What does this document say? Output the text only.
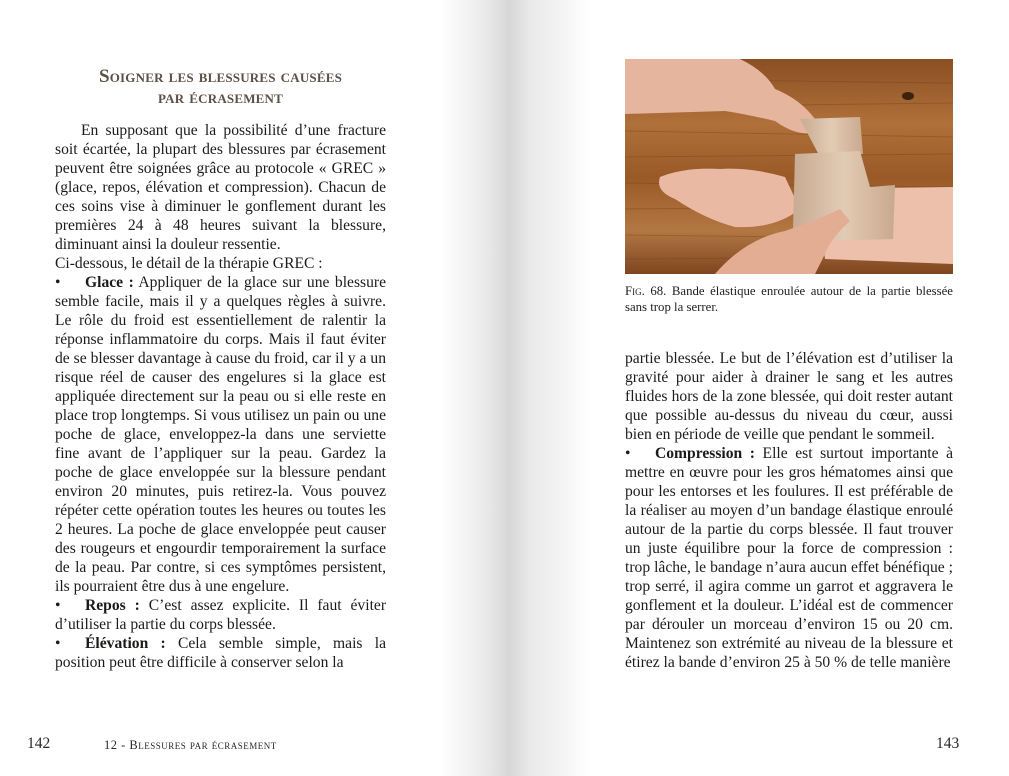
Soigner les blessures causées
par écrasement

En supposant que la possibilité d’une fracture soit écartée, la plupart des blessures par écrasement peuvent être soignées grâce au protocole « GREC » (glace, repos, élévation et compression). Chacun de ces soins vise à diminuer le gonflement durant les premières 24 à 48 heures suivant la blessure, diminuant ainsi la douleur ressentie.

Ci-dessous, le détail de la thérapie GREC :

• Glace : Appliquer de la glace sur une blessure semble facile, mais il y a quelques règles à suivre. Le rôle du froid est essentiellement de ralentir la réponse inflammatoire du corps. Mais il faut éviter de se blesser davantage à cause du froid, car il y a un risque réel de causer des engelures si la glace est appliquée directement sur la peau ou si elle reste en place trop longtemps. Si vous utilisez un pain ou une poche de glace, enveloppez-la dans une serviette fine avant de l’appliquer sur la peau. Gardez la poche de glace enveloppée sur la blessure pendant environ 20 minutes, puis retirez-la. Vous pouvez répéter cette opération toutes les heures ou toutes les 2 heures. La poche de glace enveloppée peut causer des rougeurs et engourdir temporairement la surface de la peau. Par contre, si ces symptômes persistent, ils pourraient être dus à une engelure.

• Repos : C’est assez explicite. Il faut éviter d’utiliser la partie du corps blessée.

• Élévation : Cela semble simple, mais la position peut être difficile à conserver selon la

142	12 - Blessures par écrasement
Fig. 68. Bande élastique enroulée autour de la partie blessée sans trop la serrer.

partie blessée. Le but de l’élévation est d’utiliser la gravité pour aider à drainer le sang et les autres fluides hors de la zone blessée, qui doit rester autant que possible au-dessus du niveau du cœur, aussi bien en période de veille que pendant le sommeil.

• Compression : Elle est surtout importante à mettre en œuvre pour les gros hématomes ainsi que pour les entorses et les foulures. Il est préférable de la réaliser au moyen d’un bandage élastique enroulé autour de la partie du corps blessée. Il faut trouver un juste équilibre pour la force de compression : trop lâche, le bandage n’aura aucun effet bénéfique ; trop serré, il agira comme un garrot et aggravera le gonflement et la douleur. L’idéal est de commencer par dérouler un morceau d’environ 15 ou 20 cm. Maintenez son extrémité au niveau de la blessure et étirez la bande d’environ 25 à 50 % de telle manière

143
